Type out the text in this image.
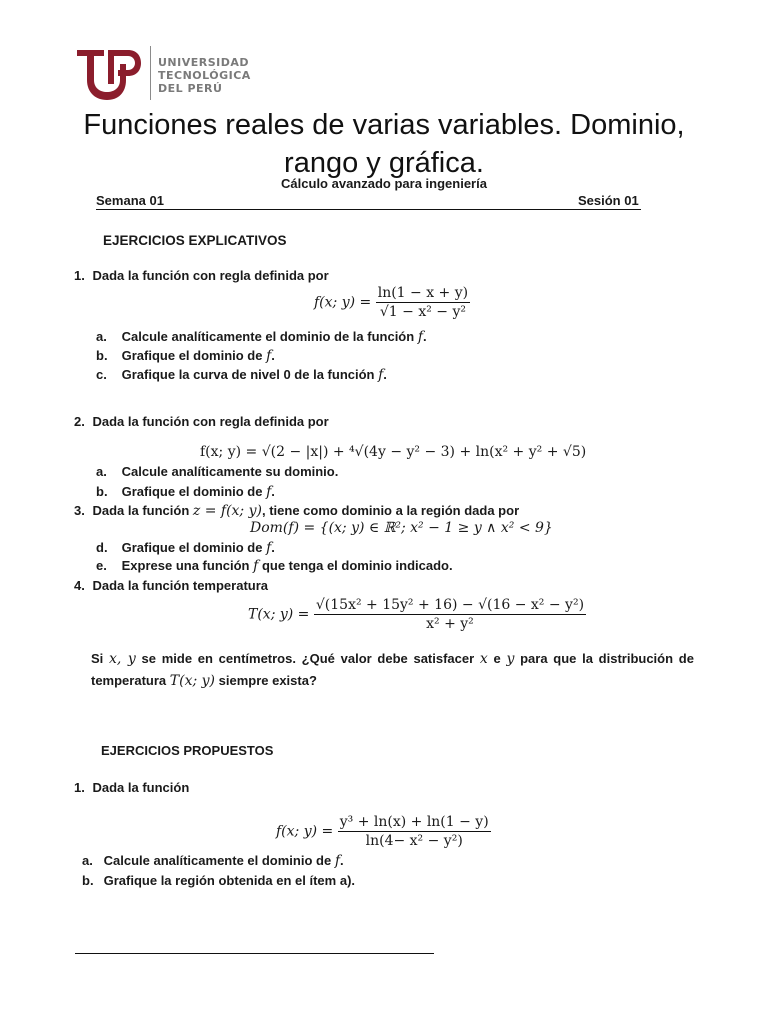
UNIVERSIDAD
TECNOLÓGICA
DEL PERÚ
Funciones reales de varias variables. Dominio,
rango y gráfica.
Cálculo avanzado para ingeniería
Semana 01	Sesión 01
EJERCICIOS EXPLICATIVOS
1. Dada la función con regla definida por
f(x; $y) = \frac{\ln(1 - x + y)}{\text{√1 − x² − y²}}$
a. Calcule analíticamente el dominio de la función f.
b. Grafique el dominio de f.
c. Grafique la curva de nivel 0 de la función f.
2. Dada la función con regla definida por
f(x; y) = √(2 − |x|) + ⁴√(4y − y² − 3) + ln(x² + y² + √5)
a. Calcule analíticamente su dominio.
b. Grafique el dominio de f.
3. Dada la función z = f(x; y), tiene como dominio a la región dada por
Dom(f) = {(x; y) ∈ ℝ²; x² − 1 ≥ y ∧ x² < 9}
d. Grafique el dominio de f.
e. Exprese una función f que tenga el dominio indicado.
4. Dada la función temperatura
T(x; $y) = \frac{\text{√(15x² + 15y² + 16) − √(16 − x² − y²)}}{\text{x² + y²}}$
Si x, y se mide en centímetros. ¿Qué valor debe satisfacer x e y para que la distribución de temperatura T(x; y) siempre exista?
EJERCICIOS PROPUESTOS
1. Dada la función
f(x; $y) = \frac{\text{y³ + ln(x) + ln(1 − y)}}{\text{ln(4− x² − y²)}}$
a. Calcule analíticamente el dominio de f.
b. Grafique la región obtenida en el ítem a).
